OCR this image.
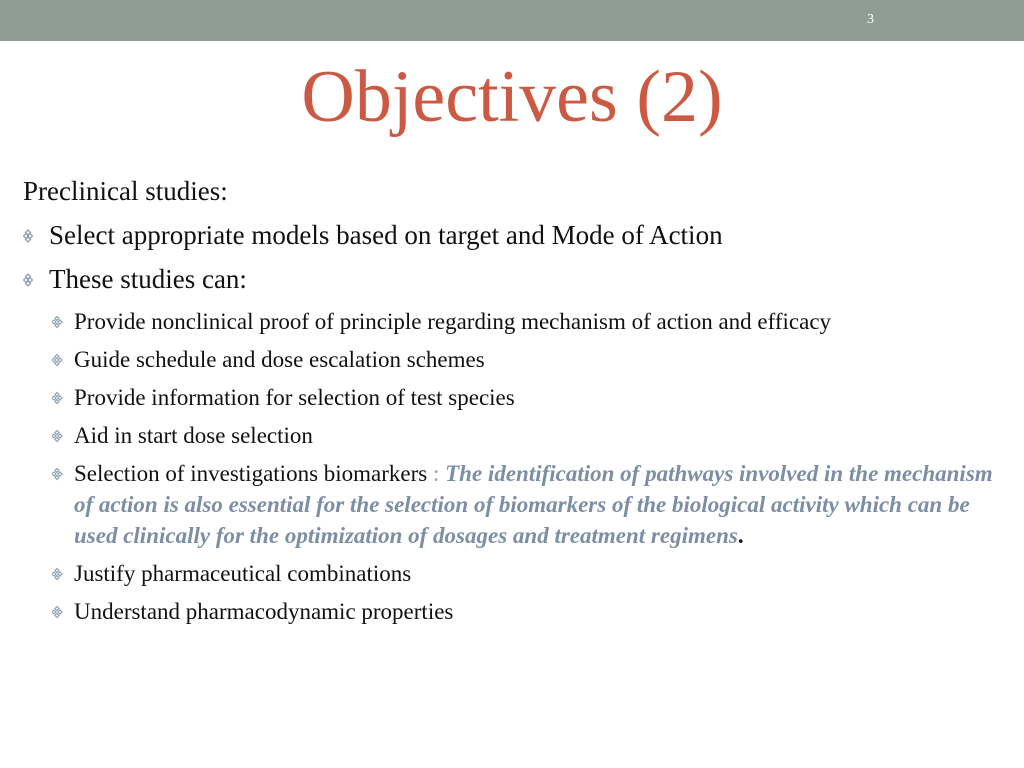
3
Objectives (2)

Preclinical studies:

Select appropriate models based on target and Mode of Action
These studies can:
Provide nonclinical proof of principle regarding mechanism of action and efficacy
Guide schedule and dose escalation schemes
Provide information for selection of test species
Aid in start dose selection
Selection of investigations biomarkers : The identification of pathways involved in the mechanism of action is also essential for the selection of biomarkers of the biological activity which can be used clinically for the optimization of dosages and treatment regimens.
Justify pharmaceutical combinations
Understand pharmacodynamic properties
